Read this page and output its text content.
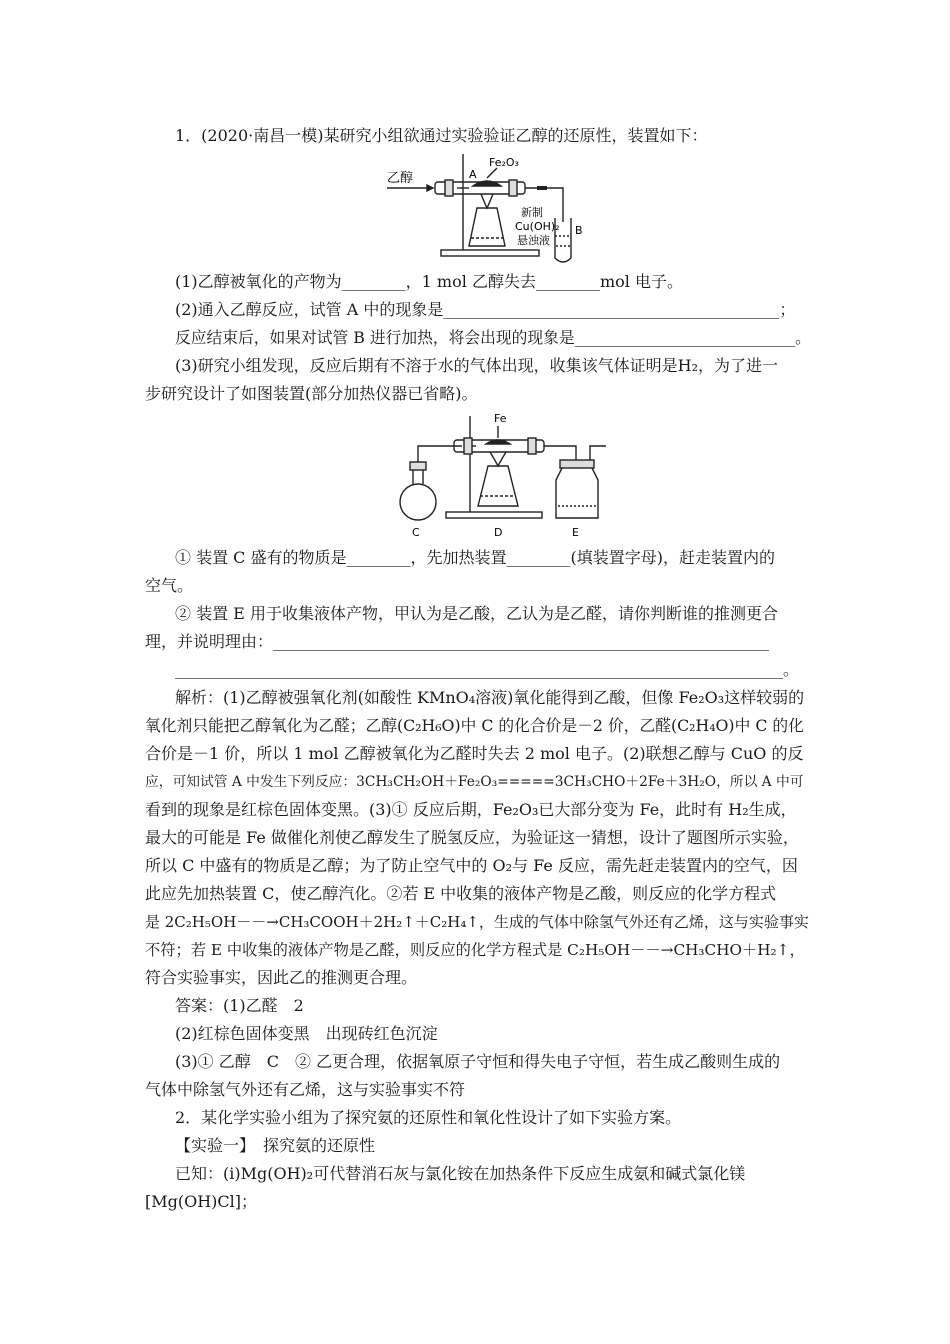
1．(2020·南昌一模)某研究小组欲通过实验验证乙醇的还原性，装置如下：
乙醇
Fe₂O₃
A
B
新制
Cu(OH)₂
悬浊液
(1)乙醇被氧化的产物为________，1 mol 乙醇失去________mol 电子。
(2)通入乙醇反应，试管 A 中的现象是__________________________________________；
反应结束后，如果对试管 B 进行加热，将会出现的现象是____________________________。
(3)研究小组发现，反应后期有不溶于水的气体出现，收集该气体证明是H₂，为了进一
步研究设计了如图装置(部分加热仪器已省略)。
Fe
C	D	E
① 装置 C 盛有的物质是________，先加热装置________(填装置字母)，赶走装置内的
空气。
② 装置 E 用于收集液体产物，甲认为是乙酸，乙认为是乙醛，请你判断谁的推测更合
理，并说明理由：______________________________________________________________
____________________________________________________________________________。
解析：(1)乙醇被强氧化剂(如酸性 KMnO₄溶液)氧化能得到乙酸，但像 Fe₂O₃这样较弱的
氧化剂只能把乙醇氧化为乙醛；乙醇(C₂H₆O)中 C 的化合价是－2 价，乙醛(C₂H₄O)中 C 的化
合价是－1 价，所以 1 mol 乙醇被氧化为乙醛时失去 2 mol 电子。(2)联想乙醇与 CuO 的反
应，可知试管 A 中发生下列反应：3CH₃CH₂OH＋Fe₂O₃=====3CH₃CHO＋2Fe＋3H₂O，所以 A 中可
看到的现象是红棕色固体变黑。(3)① 反应后期，Fe₂O₃已大部分变为 Fe，此时有 H₂生成，
最大的可能是 Fe 做催化剂使乙醇发生了脱氢反应，为验证这一猜想，设计了题图所示实验，
所以 C 中盛有的物质是乙醇；为了防止空气中的 O₂与 Fe 反应，需先赶走装置内的空气，因
此应先加热装置 C，使乙醇汽化。②若 E 中收集的液体产物是乙酸，则反应的化学方程式
是 2C₂H₅OH－－→CH₃COOH＋2H₂↑＋C₂H₄↑，生成的气体中除氢气外还有乙烯，这与实验事实
不符；若 E 中收集的液体产物是乙醛，则反应的化学方程式是 C₂H₅OH－－→CH₃CHO＋H₂↑，
符合实验事实，因此乙的推测更合理。
答案：(1)乙醛　2
(2)红棕色固体变黑　出现砖红色沉淀
(3)① 乙醇　C　② 乙更合理，依据氧原子守恒和得失电子守恒，若生成乙酸则生成的
气体中除氢气外还有乙烯，这与实验事实不符
2．某化学实验小组为了探究氨的还原性和氧化性设计了如下实验方案。
【实验一】　探究氨的还原性
已知：(ⅰ)Mg(OH)₂可代替消石灰与氯化铵在加热条件下反应生成氨和碱式氯化镁
[Mg(OH)Cl]；
